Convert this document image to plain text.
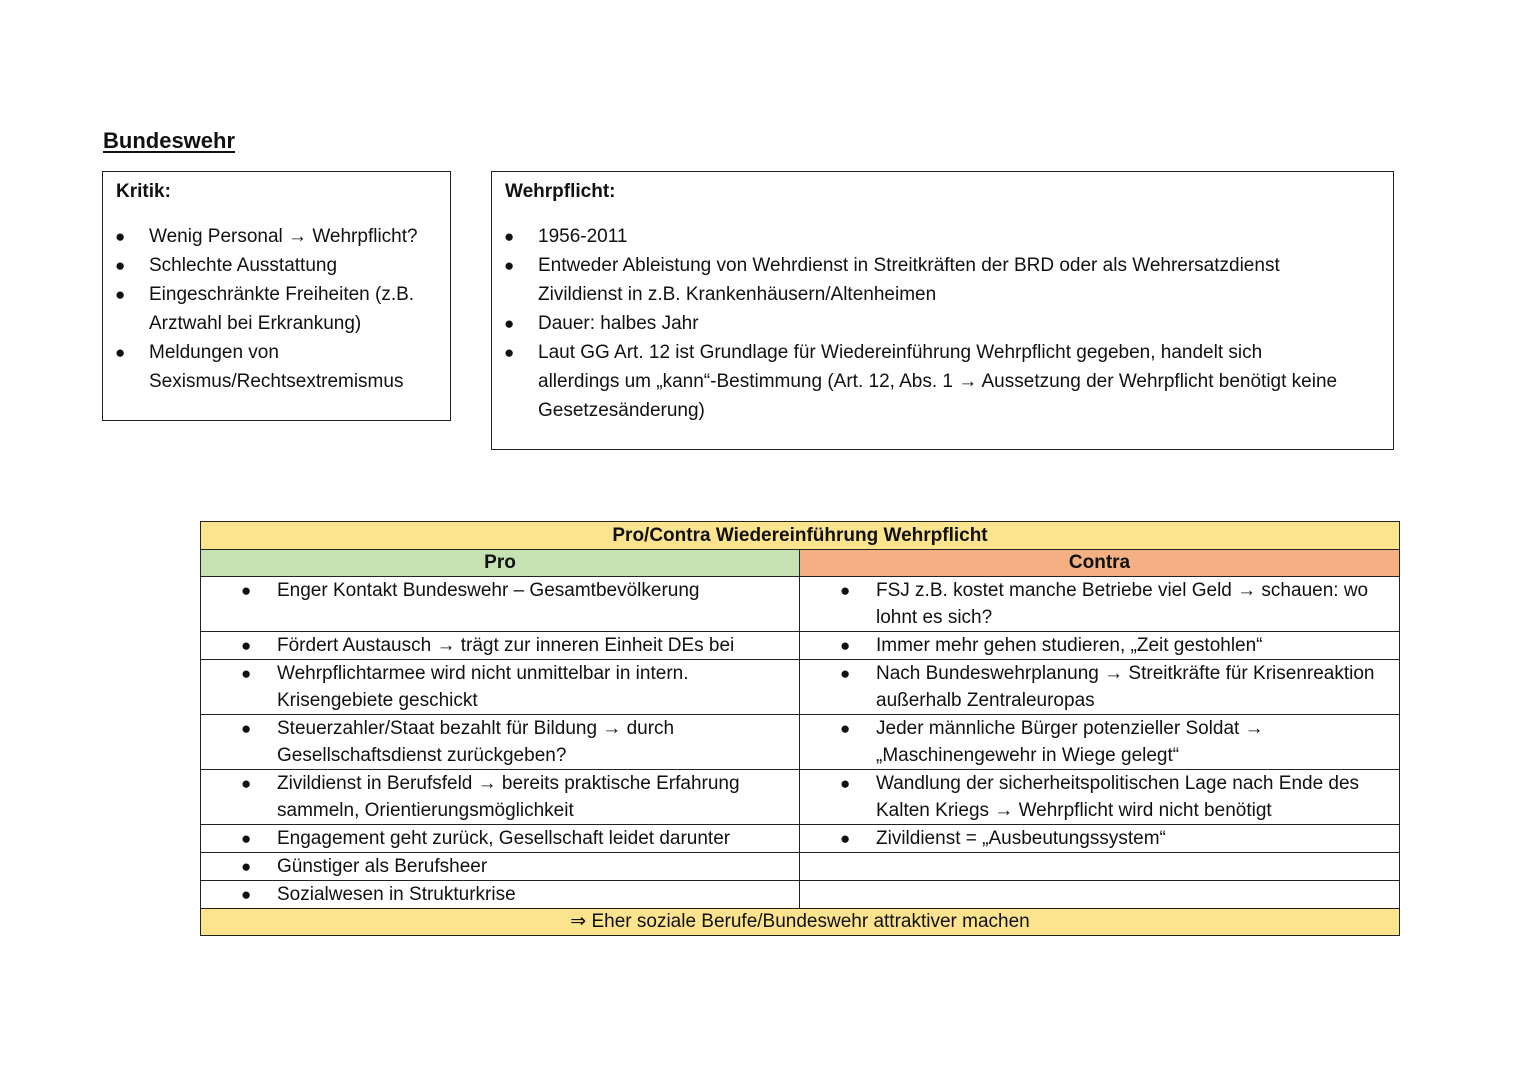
Bundeswehr
Kritik:
● Wenig Personal → Wehrpflicht?
● Schlechte Ausstattung
● Eingeschränkte Freiheiten (z.B. Arztwahl bei Erkrankung)
● Meldungen von Sexismus/Rechtsextremismus
Wehrpflicht:
● 1956-2011
● Entweder Ableistung von Wehrdienst in Streitkräften der BRD oder als Wehrersatzdienst Zivildienst in z.B. Krankenhäusern/Altenheimen
● Dauer: halbes Jahr
● Laut GG Art. 12 ist Grundlage für Wiedereinführung Wehrpflicht gegeben, handelt sich allerdings um „kann“-Bestimmung (Art. 12, Abs. 1 → Aussetzung der Wehrpflicht benötigt keine Gesetzesänderung)
Pro/Contra Wiedereinführung Wehrpflicht	
Pro	Contra

● Enger Kontakt Bundeswehr – Gesamtbevölkerung	● FSJ z.B. kostet manche Betriebe viel Geld → schauen: wo lohnt es sich?

● Fördert Austausch → trägt zur inneren Einheit DEs bei	● Immer mehr gehen studieren, „Zeit gestohlen“

● Wehrpflichtarmee wird nicht unmittelbar in intern. Krisengebiete geschickt	● Nach Bundeswehrplanung → Streitkräfte für Krisenreaktion außerhalb Zentraleuropas

● Steuerzahler/Staat bezahlt für Bildung → durch Gesellschaftsdienst zurückgeben?	● Jeder männliche Bürger potenzieller Soldat → „Maschinengewehr in Wiege gelegt“

● Zivildienst in Berufsfeld → bereits praktische Erfahrung sammeln, Orientierungsmöglichkeit	● Wandlung der sicherheitspolitischen Lage nach Ende des Kalten Kriegs → Wehrpflicht wird nicht benötigt

● Engagement geht zurück, Gesellschaft leidet darunter	● Zivildienst = „Ausbeutungssystem“

● Günstiger als Berufsheer	

● Sozialwesen in Strukturkrise	

⇒ Eher soziale Berufe/Bundeswehr attraktiver machen	
